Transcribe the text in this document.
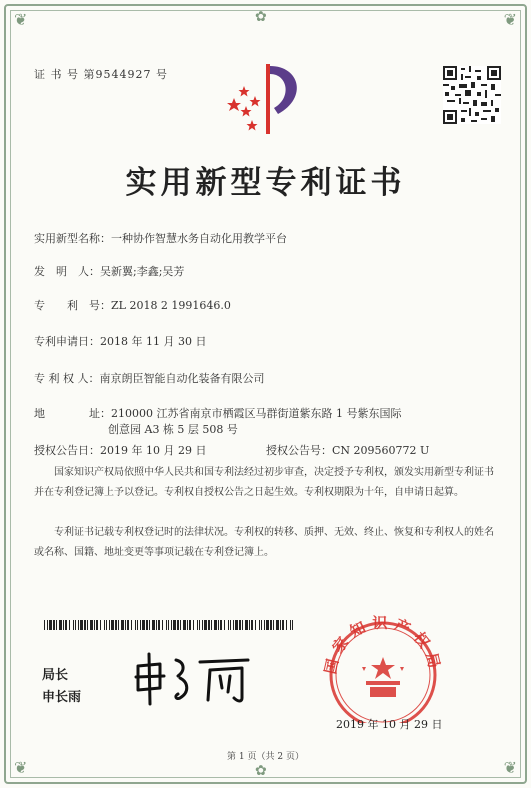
❦	❦
❦	❦
✿
✿
证 书 号 第9544927 号
实用新型专利证书
实用新型名称：一种协作智慧水务自动化用教学平台
发　明　人：吴新翼;李鑫;吴芳
专　　利　号：ZL 2018 2 1991646.0
专利申请日：2018 年 11 月 30 日
专 利 权 人：南京朗臣智能自动化装备有限公司
地　　　　址：210000 江苏省南京市栖霞区马群街道紫东路 1 号紫东国际
创意园 A3 栋 5 层 508 号
授权公告日：2019 年 10 月 29 日	授权公告号：CN 209560772 U
国家知识产权局依照中华人民共和国专利法经过初步审查，决定授予专利权，颁发实用新型专利证书并在专利登记簿上予以登记。专利权自授权公告之日起生效。专利权期限为十年，自申请日起算。
专利证书记载专利权登记时的法律状况。专利权的转移、质押、无效、终止、恢复和专利权人的姓名或名称、国籍、地址变更等事项记载在专利登记簿上。
局长
申长雨
国家知识产权局
2019 年 10 月 29 日
第 1 页（共 2 页）
